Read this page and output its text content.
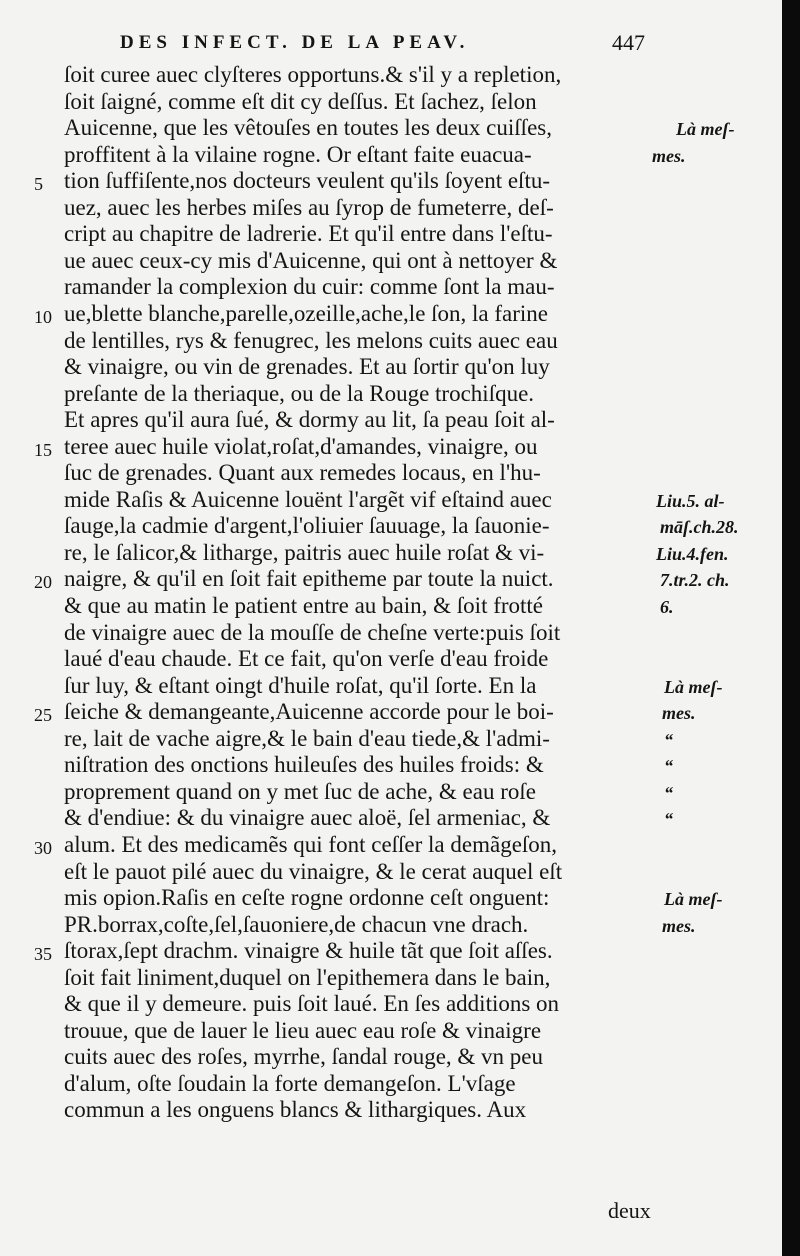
DES INFECT. DE LA PEAV.	447
ſoit curee auec clyſteres opportuns.& s'il y a repletion,
ſoit ſaigné, comme eſt dit cy deſſus. Et ſachez, ſelon
Auicenne, que les vêtouſes en toutes les deux cuiſſes,
proffitent à la vilaine rogne. Or eſtant faite euacua-
tion ſuffiſente,nos docteurs veulent qu'ils ſoyent eſtu-
uez, auec les herbes miſes au ſyrop de fumeterre, deſ-
cript au chapitre de ladrerie. Et qu'il entre dans l'eſtu-
ue auec ceux-cy mis d'Auicenne, qui ont à nettoyer &
ramander la complexion du cuir: comme ſont la mau-
ue,blette blanche,parelle,ozeille,ache,le ſon, la farine
de lentilles, rys & fenugrec, les melons cuits auec eau
& vinaigre, ou vin de grenades. Et au ſortir qu'on luy
preſante de la theriaque, ou de la Rouge trochiſque.
Et apres qu'il aura ſué, & dormy au lit, ſa peau ſoit al-
teree auec huile violat,roſat,d'amandes, vinaigre, ou
ſuc de grenades. Quant aux remedes locaus, en l'hu-
mide Raſis & Auicenne louënt l'argẽt vif eſtaind auec
ſauge,la cadmie d'argent,l'oliuier ſauuage, la ſauonie-
re, le ſalicor,& litharge, paitris auec huile roſat & vi-
naigre, & qu'il en ſoit fait epitheme par toute la nuict.
& que au matin le patient entre au bain, & ſoit frotté
de vinaigre auec de la mouſſe de cheſne verte:puis ſoit
laué d'eau chaude. Et ce fait, qu'on verſe d'eau froide
ſur luy, & eſtant oingt d'huile roſat, qu'il ſorte. En la
ſeiche & demangeante,Auicenne accorde pour le boi-
re, lait de vache aigre,& le bain d'eau tiede,& l'admi-
niſtration des onctions huileuſes des huiles froids: &
proprement quand on y met ſuc de ache, & eau roſe
& d'endiue: & du vinaigre auec aloë, ſel armeniac, &
alum. Et des medicamẽs qui font ceſſer la demãgeſon,
eſt le pauot pilé auec du vinaigre, & le cerat auquel eſt
mis opion.Raſis en ceſte rogne ordonne ceſt onguent:
PR.borrax,coſte,ſel,ſauoniere,de chacun vne drach.
ſtorax,ſept drachm. vinaigre & huile tãt que ſoit aſſes.
ſoit fait liniment,duquel on l'epithemera dans le bain,
& que il y demeure. puis ſoit laué. En ſes additions on
trouue, que de lauer le lieu auec eau roſe & vinaigre
cuits auec des roſes, myrrhe, ſandal rouge, & vn peu
d'alum, oſte ſoudain la forte demangeſon. L'vſage
commun a les onguens blancs & lithargiques. Aux
5
10
15
20
25
30
35
Là meſ-
mes.
Liu.5. al-
māſ.ch.28.
Liu.4.fen.
7.tr.2. ch.
6.
Là meſ-
mes.
“
“
“
“
Là meſ-
mes.
deux
